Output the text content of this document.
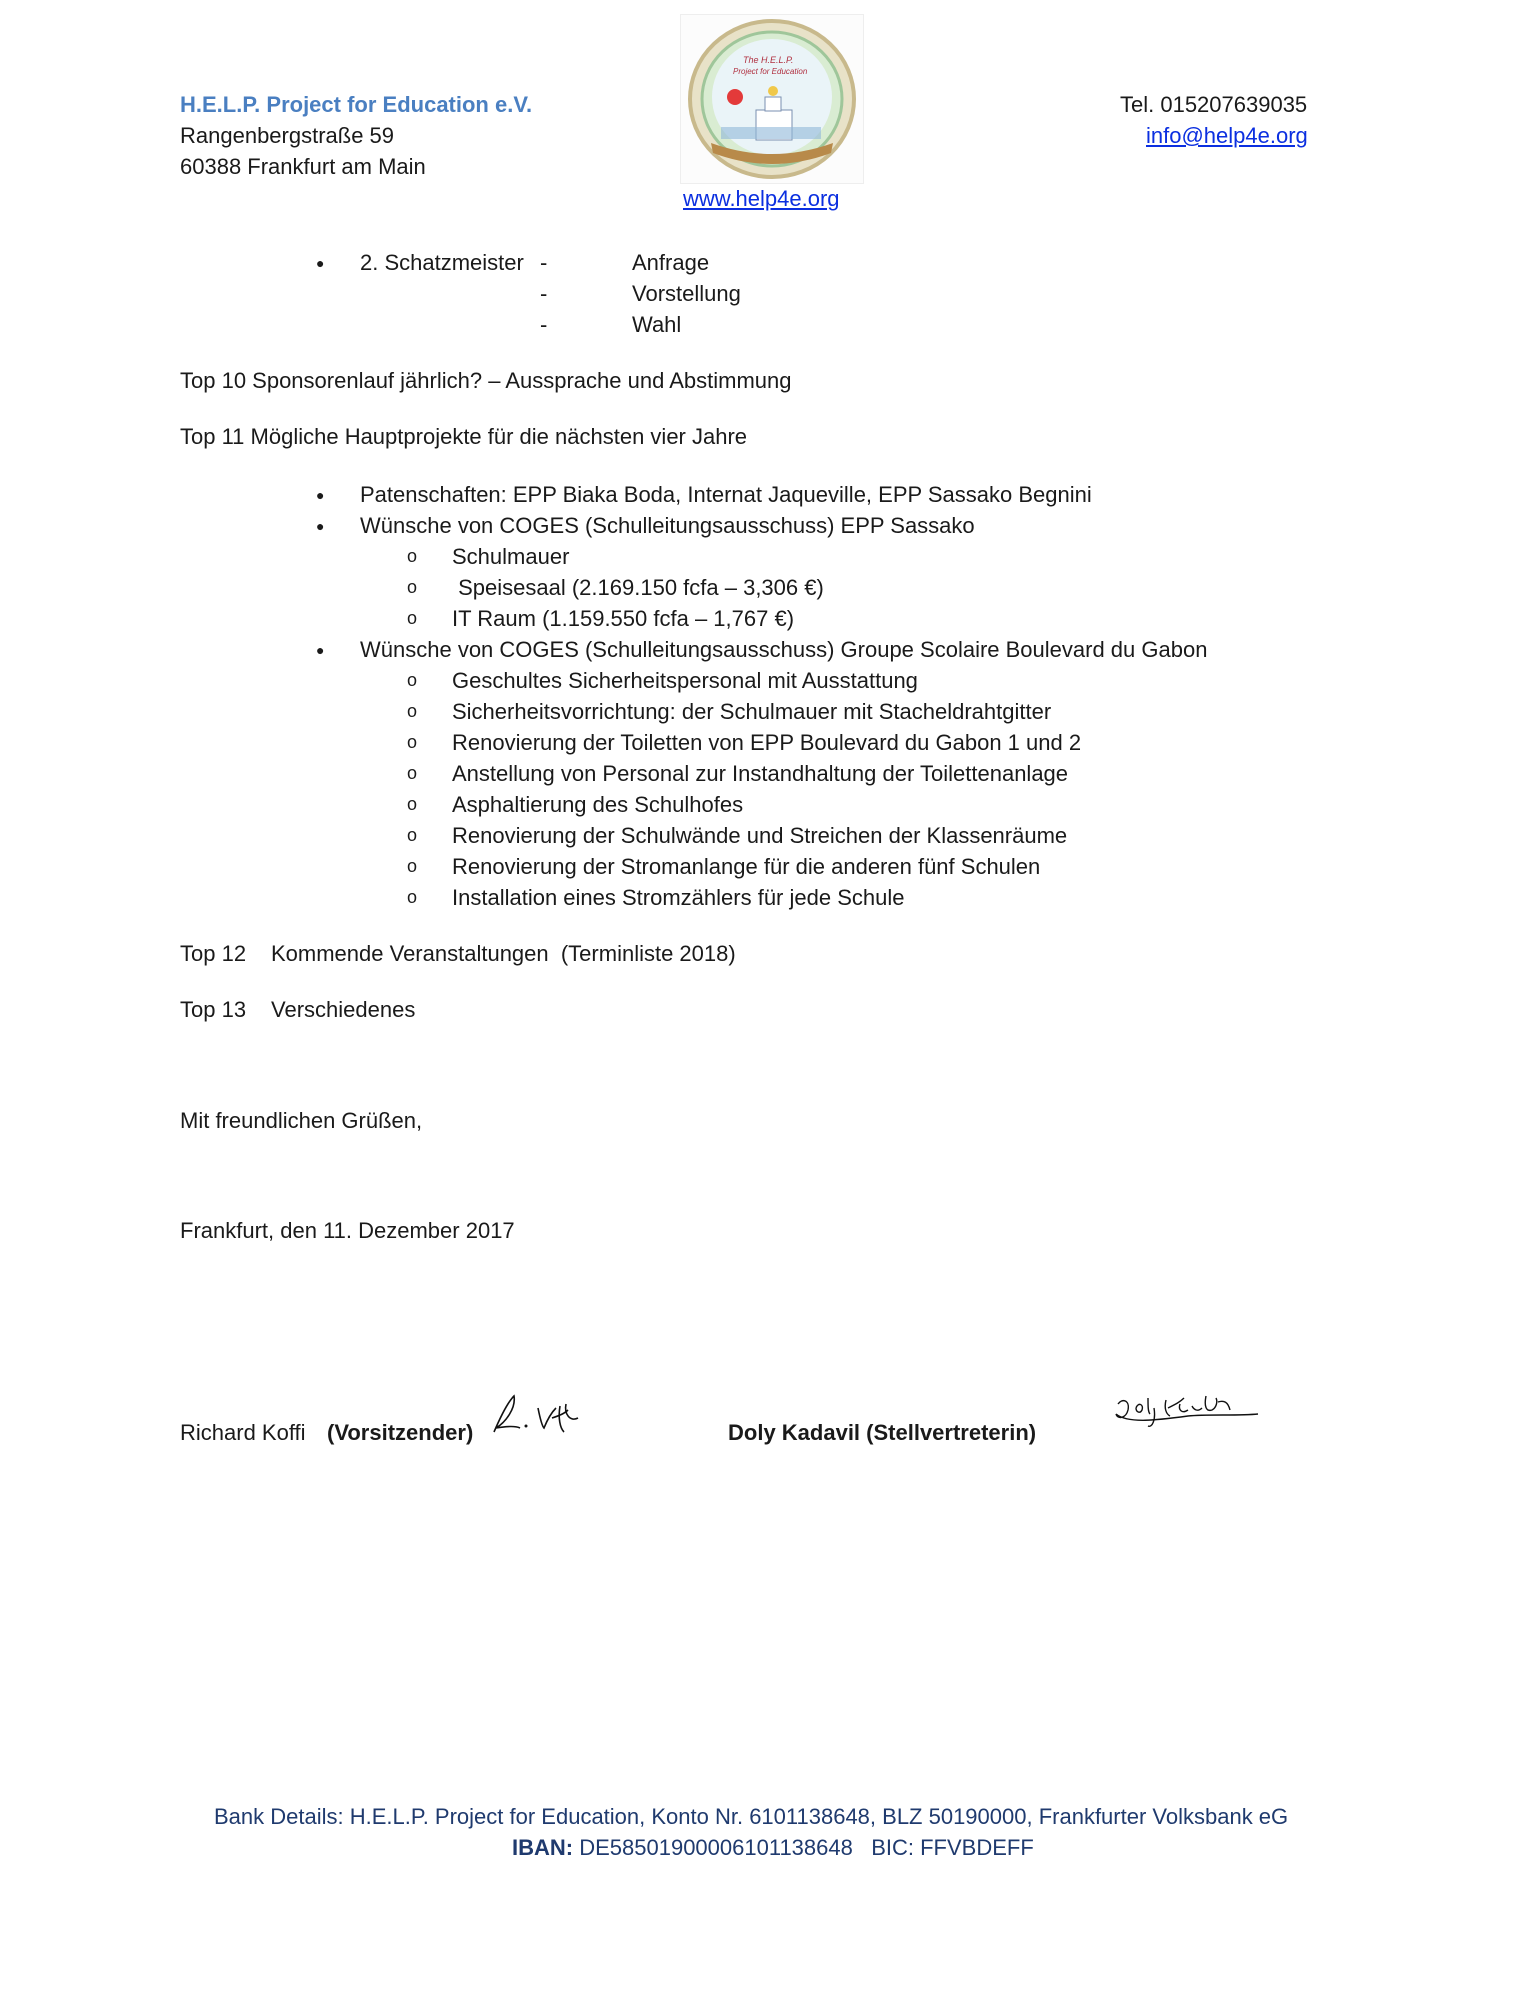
H.E.L.P. Project for Education e.V.
Rangenbergstraße 59
60388 Frankfurt am Main
The H.E.L.P.
Project for Education
Tel. 015207639035
info@help4e.org
www.help4e.org
● 2. Schatzmeister -	Anfrage
-	Vorstellung
-	Wahl
Top 10 Sponsorenlauf jährlich? – Aussprache und Abstimmung
Top 11 Mögliche Hauptprojekte für die nächsten vier Jahre
● Patenschaften: EPP Biaka Boda, Internat Jaqueville, EPP Sassako Begnini
● Wünsche von COGES (Schulleitungsausschuss) EPP Sassako
o Schulmauer
o Speisesaal (2.169.150 fcfa – 3,306 €)
o IT Raum (1.159.550 fcfa – 1,767 €)
● Wünsche von COGES (Schulleitungsausschuss) Groupe Scolaire Boulevard du Gabon
o Geschultes Sicherheitspersonal mit Ausstattung
o Sicherheitsvorrichtung: der Schulmauer mit Stacheldrahtgitter
o Renovierung der Toiletten von EPP Boulevard du Gabon 1 und 2
o Anstellung von Personal zur Instandhaltung der Toilettenanlage
o Asphaltierung des Schulhofes
o Renovierung der Schulwände und Streichen der Klassenräume
o Renovierung der Stromanlange für die anderen fünf Schulen
o Installation eines Stromzählers für jede Schule
Top 12 Kommende Veranstaltungen  (Terminliste 2018)
Top 13 Verschiedenes
Mit freundlichen Grüßen,
Frankfurt, den 11. Dezember 2017
Richard Koffi (Vorsitzender)	Doly Kadavil (Stellvertreterin)
Bank Details: H.E.L.P. Project for Education, Konto Nr. 6101138648, BLZ 50190000, Frankfurter Volksbank eG
IBAN: DE58501900006101138648   BIC: FFVBDEFF
